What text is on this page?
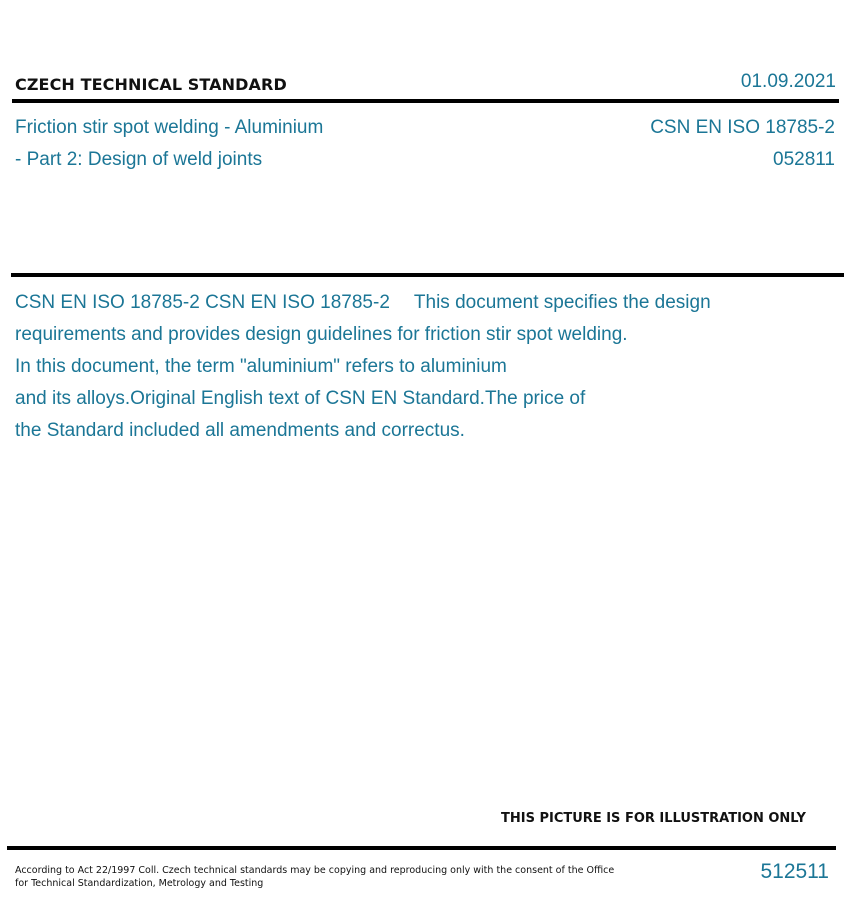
CZECH TECHNICAL STANDARD	01.09.2021
Friction stir spot welding - Aluminium
- Part 2: Design of weld joints
CSN EN ISO 18785-2
052811
CSN EN ISO 18785-2 CSN EN ISO 18785-2 This document specifies the design
requirements and provides design guidelines for friction stir spot welding.
In this document, the term "aluminium" refers to aluminium
and its alloys.Original English text of CSN EN Standard.The price of
the Standard included all amendments and correctus.
THIS PICTURE IS FOR ILLUSTRATION ONLY
According to Act 22/1997 Coll. Czech technical standards may be copying and reproducing only with the consent of the Office
for Technical Standardization, Metrology and Testing
512511
